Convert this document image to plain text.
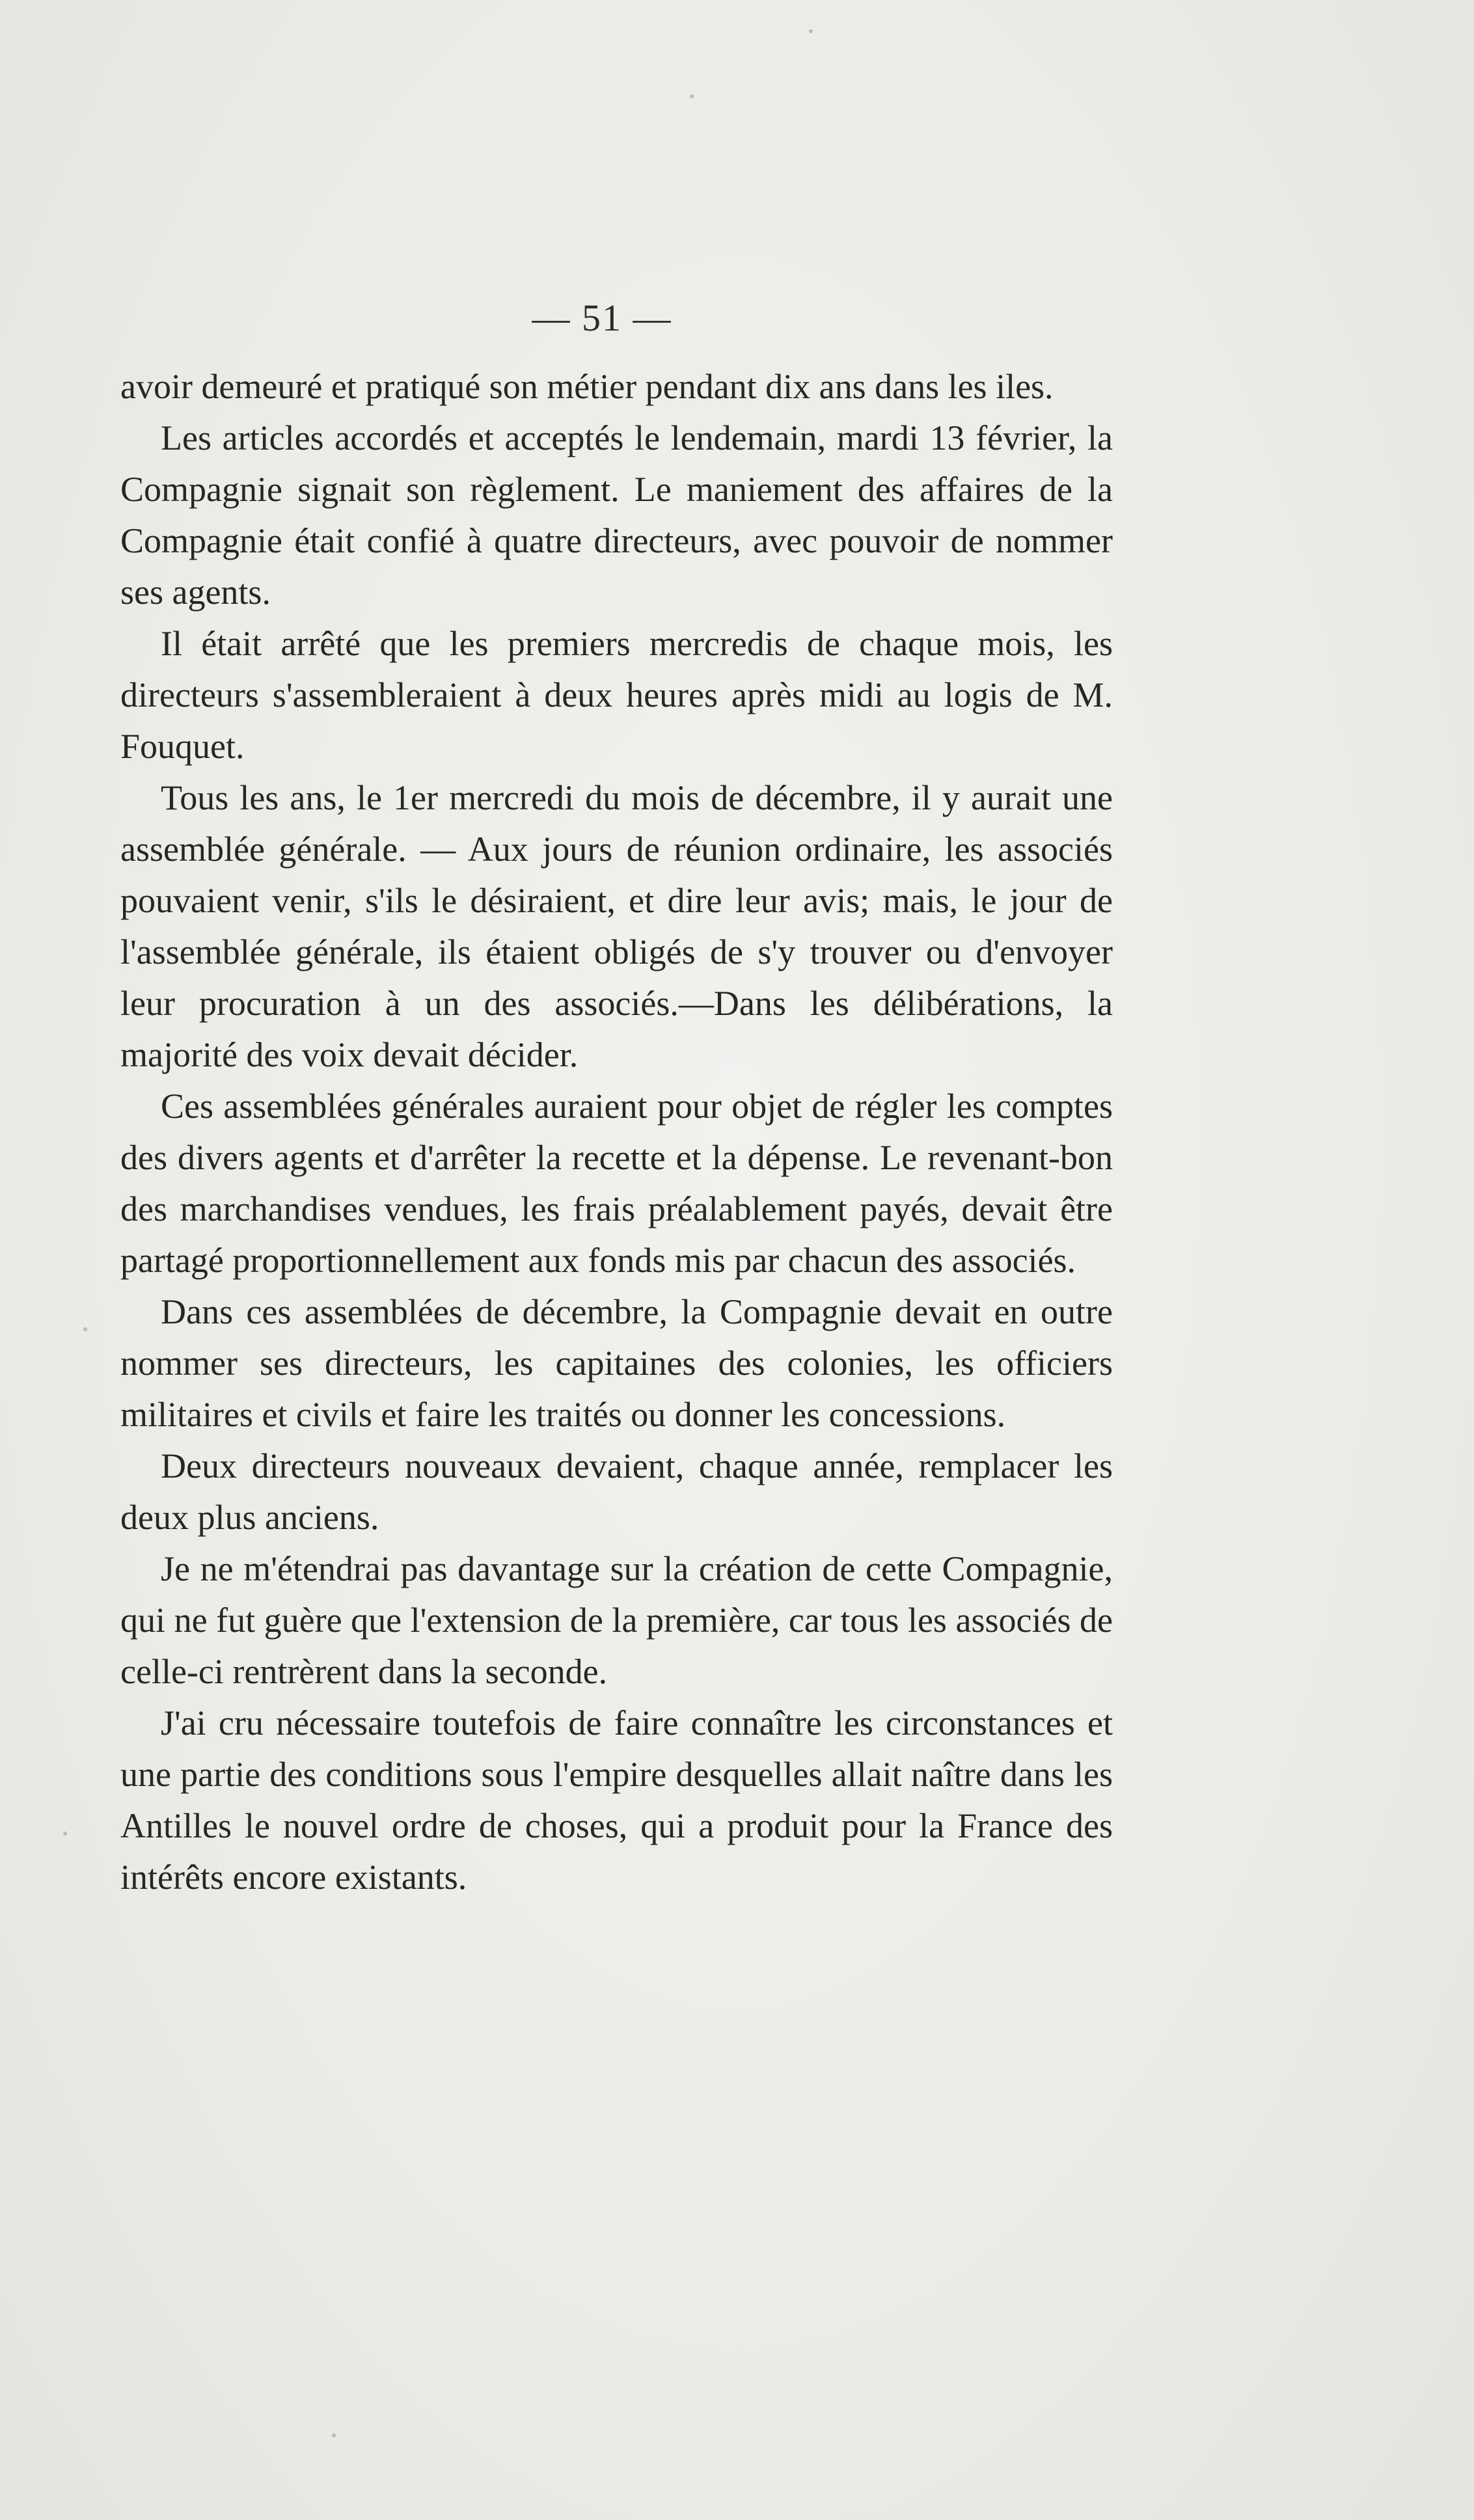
— 51 —

avoir demeuré et pratiqué son métier pendant dix ans dans les iles.

Les articles accordés et acceptés le lendemain, mardi 13 février, la Compagnie signait son règlement. Le maniement des affaires de la Compagnie était confié à quatre directeurs, avec pouvoir de nommer ses agents.

Il était arrêté que les premiers mercredis de chaque mois, les directeurs s'assembleraient à deux heures après midi au logis de M. Fouquet.

Tous les ans, le 1er mercredi du mois de décembre, il y aurait une assemblée générale. — Aux jours de réunion ordinaire, les associés pouvaient venir, s'ils le désiraient, et dire leur avis; mais, le jour de l'assemblée générale, ils étaient obligés de s'y trouver ou d'envoyer leur procuration à un des associés.—Dans les délibérations, la majorité des voix devait décider.

Ces assemblées générales auraient pour objet de régler les comptes des divers agents et d'arrêter la recette et la dépense. Le revenant-bon des marchandises vendues, les frais préalablement payés, devait être partagé proportionnellement aux fonds mis par chacun des associés.

Dans ces assemblées de décembre, la Compagnie devait en outre nommer ses directeurs, les capitaines des colonies, les officiers militaires et civils et faire les traités ou donner les concessions.

Deux directeurs nouveaux devaient, chaque année, remplacer les deux plus anciens.

Je ne m'étendrai pas davantage sur la création de cette Compagnie, qui ne fut guère que l'extension de la première, car tous les associés de celle-ci rentrèrent dans la seconde.

J'ai cru nécessaire toutefois de faire connaître les circonstances et une partie des conditions sous l'empire desquelles allait naître dans les Antilles le nouvel ordre de choses, qui a produit pour la France des intérêts encore existants.
